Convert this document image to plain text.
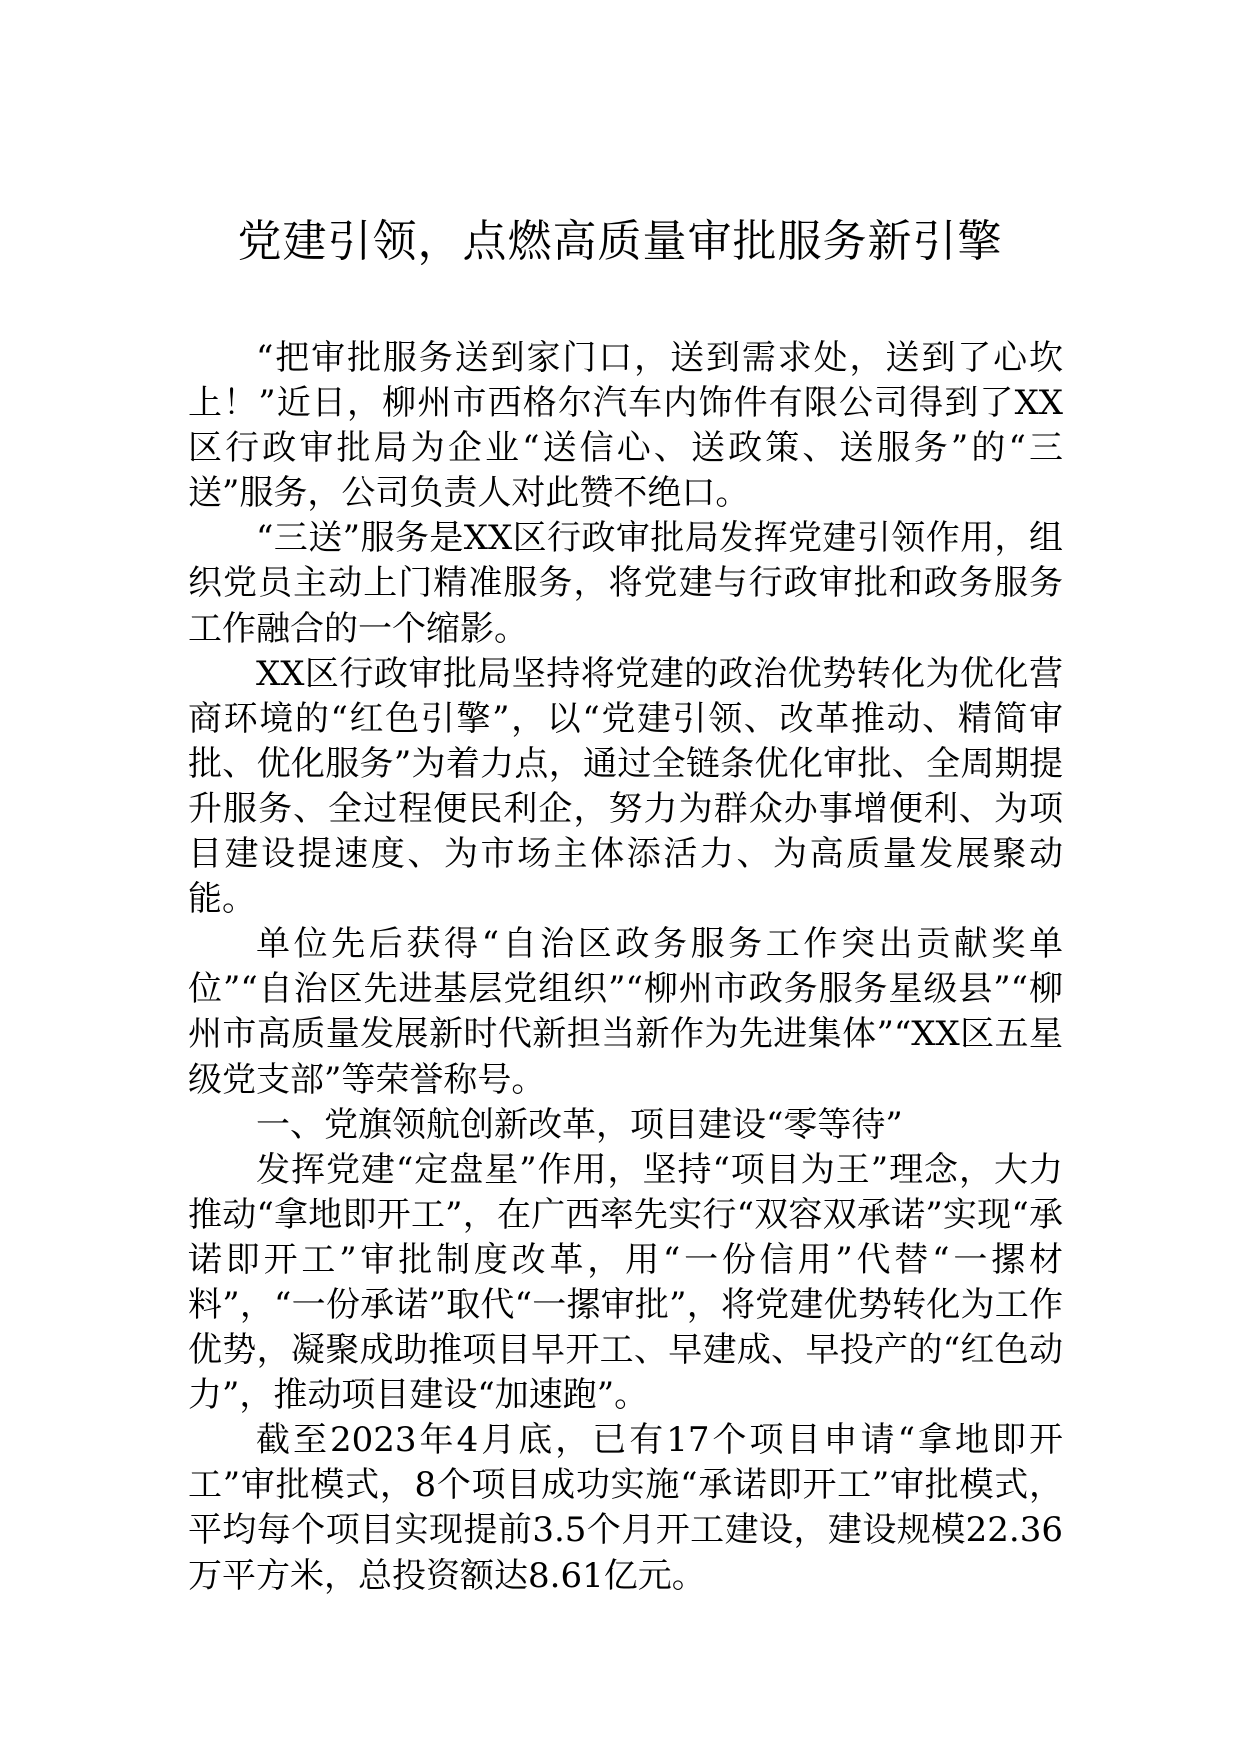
党建引领，点燃高质量审批服务新引擎

“把审批服务送到家门口，送到需求处，送到了心坎上！”近日，柳州市西格尔汽车内饰件有限公司得到了XX区行政审批局为企业“送信心、送政策、送服务”的“三送”服务，公司负责人对此赞不绝口。

“三送”服务是XX区行政审批局发挥党建引领作用，组织党员主动上门精准服务，将党建与行政审批和政务服务工作融合的一个缩影。

XX区行政审批局坚持将党建的政治优势转化为优化营商环境的“红色引擎”，以“党建引领、改革推动、精简审批、优化服务”为着力点，通过全链条优化审批、全周期提升服务、全过程便民利企，努力为群众办事增便利、为项目建设提速度、为市场主体添活力、为高质量发展聚动能。

单位先后获得“自治区政务服务工作突出贡献奖单位”“自治区先进基层党组织”“柳州市政务服务星级县”“柳州市高质量发展新时代新担当新作为先进集体”“XX区五星级党支部”等荣誉称号。

一、党旗领航创新改革，项目建设“零等待”

发挥党建“定盘星”作用，坚持“项目为王”理念，大力推动“拿地即开工”，在广西率先实行“双容双承诺”实现“承诺即开工”审批制度改革，用“一份信用”代替“一摞材料”，“一份承诺”取代“一摞审批”，将党建优势转化为工作优势，凝聚成助推项目早开工、早建成、早投产的“红色动力”，推动项目建设“加速跑”。

截至2023年4月底，已有17个项目申请“拿地即开工”审批模式，8个项目成功实施“承诺即开工”审批模式，平均每个项目实现提前3.5个月开工建设，建设规模22.36万平方米，总投资额达8.61亿元。
